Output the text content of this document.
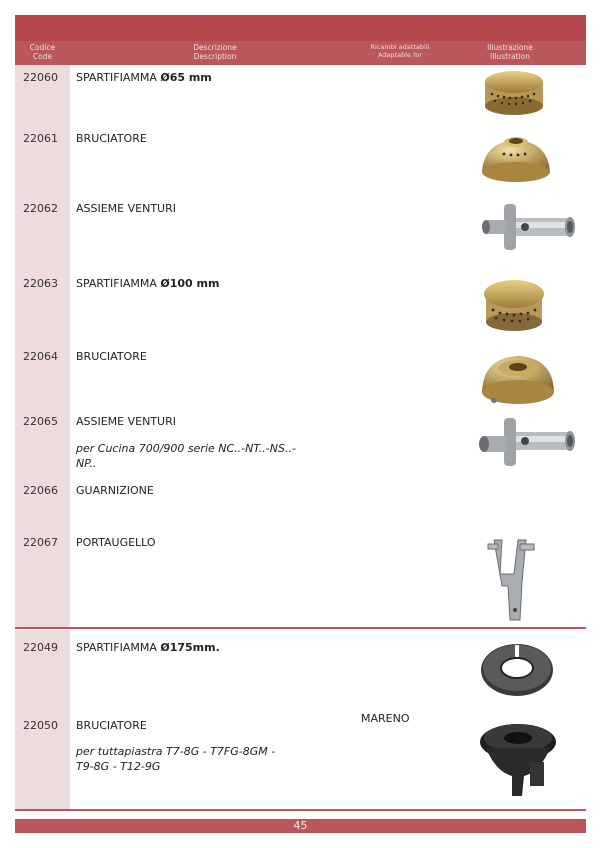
Codice
Code
Descrizione
Description
Ricambi adattabili
Adaptable for
Illustrazione
Illustration
22060
22061
22062
22063
22064
22065
22066
22067
22049
22050
SPARTIFIAMMA Ø65 mm
BRUCIATORE
ASSIEME VENTURI
SPARTIFIAMMA Ø100 mm
BRUCIATORE
ASSIEME VENTURI
per Cucina 700/900 serie NC..-NT..-NS..-NP..
GUARNIZIONE
PORTAUGELLO
SPARTIFIAMMA Ø175mm.
BRUCIATORE
per tuttapiastra T7-8G - T7FG-8GM - T9-8G - T12-9G
MARENO
45
